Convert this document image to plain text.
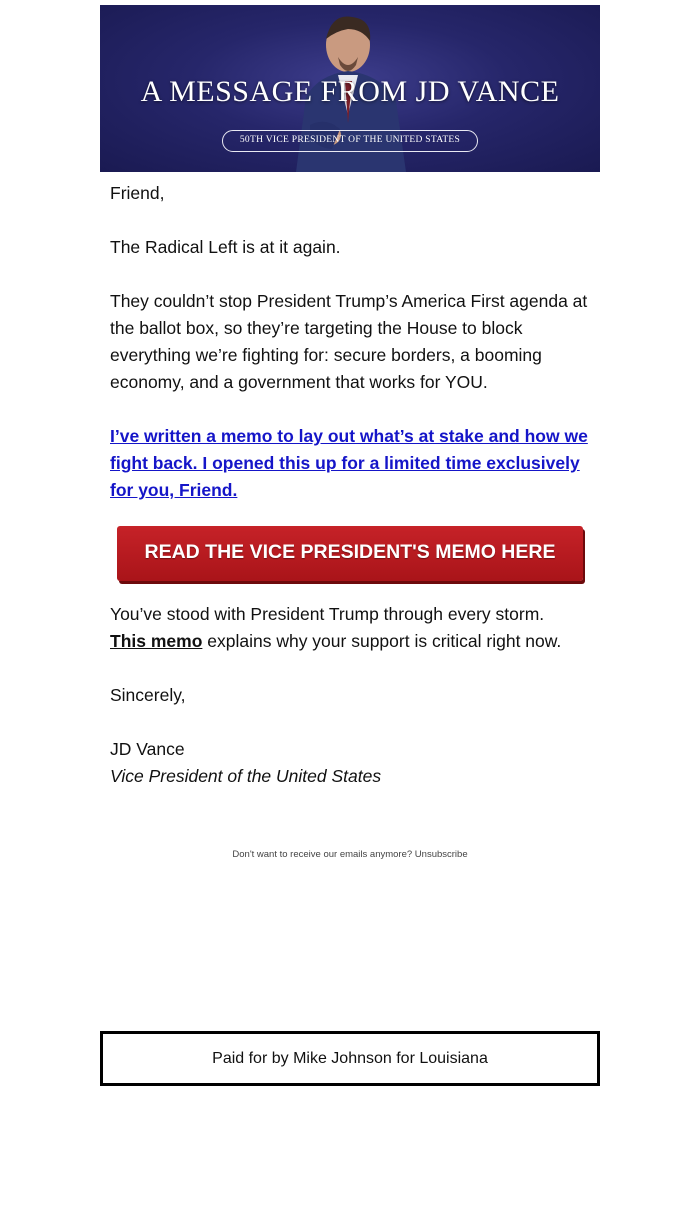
A MESSAGE FROM JD VANCE
50TH VICE PRESIDENT OF THE UNITED STATES

Friend,

The Radical Left is at it again.

They couldn’t stop President Trump’s America First agenda at the ballot box, so they’re targeting the House to block everything we’re fighting for: secure borders, a booming economy, and a government that works for YOU.

I’ve written a memo to lay out what’s at stake and how we fight back. I opened this up for a limited time exclusively for you, Friend.

READ THE VICE PRESIDENT'S MEMO HERE

You’ve stood with President Trump through every storm.
This memo explains why your support is critical right now.

Sincerely,

JD Vance
Vice President of the United States

Don't want to receive our emails anymore? Unsubscribe
Paid for by Mike Johnson for Louisiana
